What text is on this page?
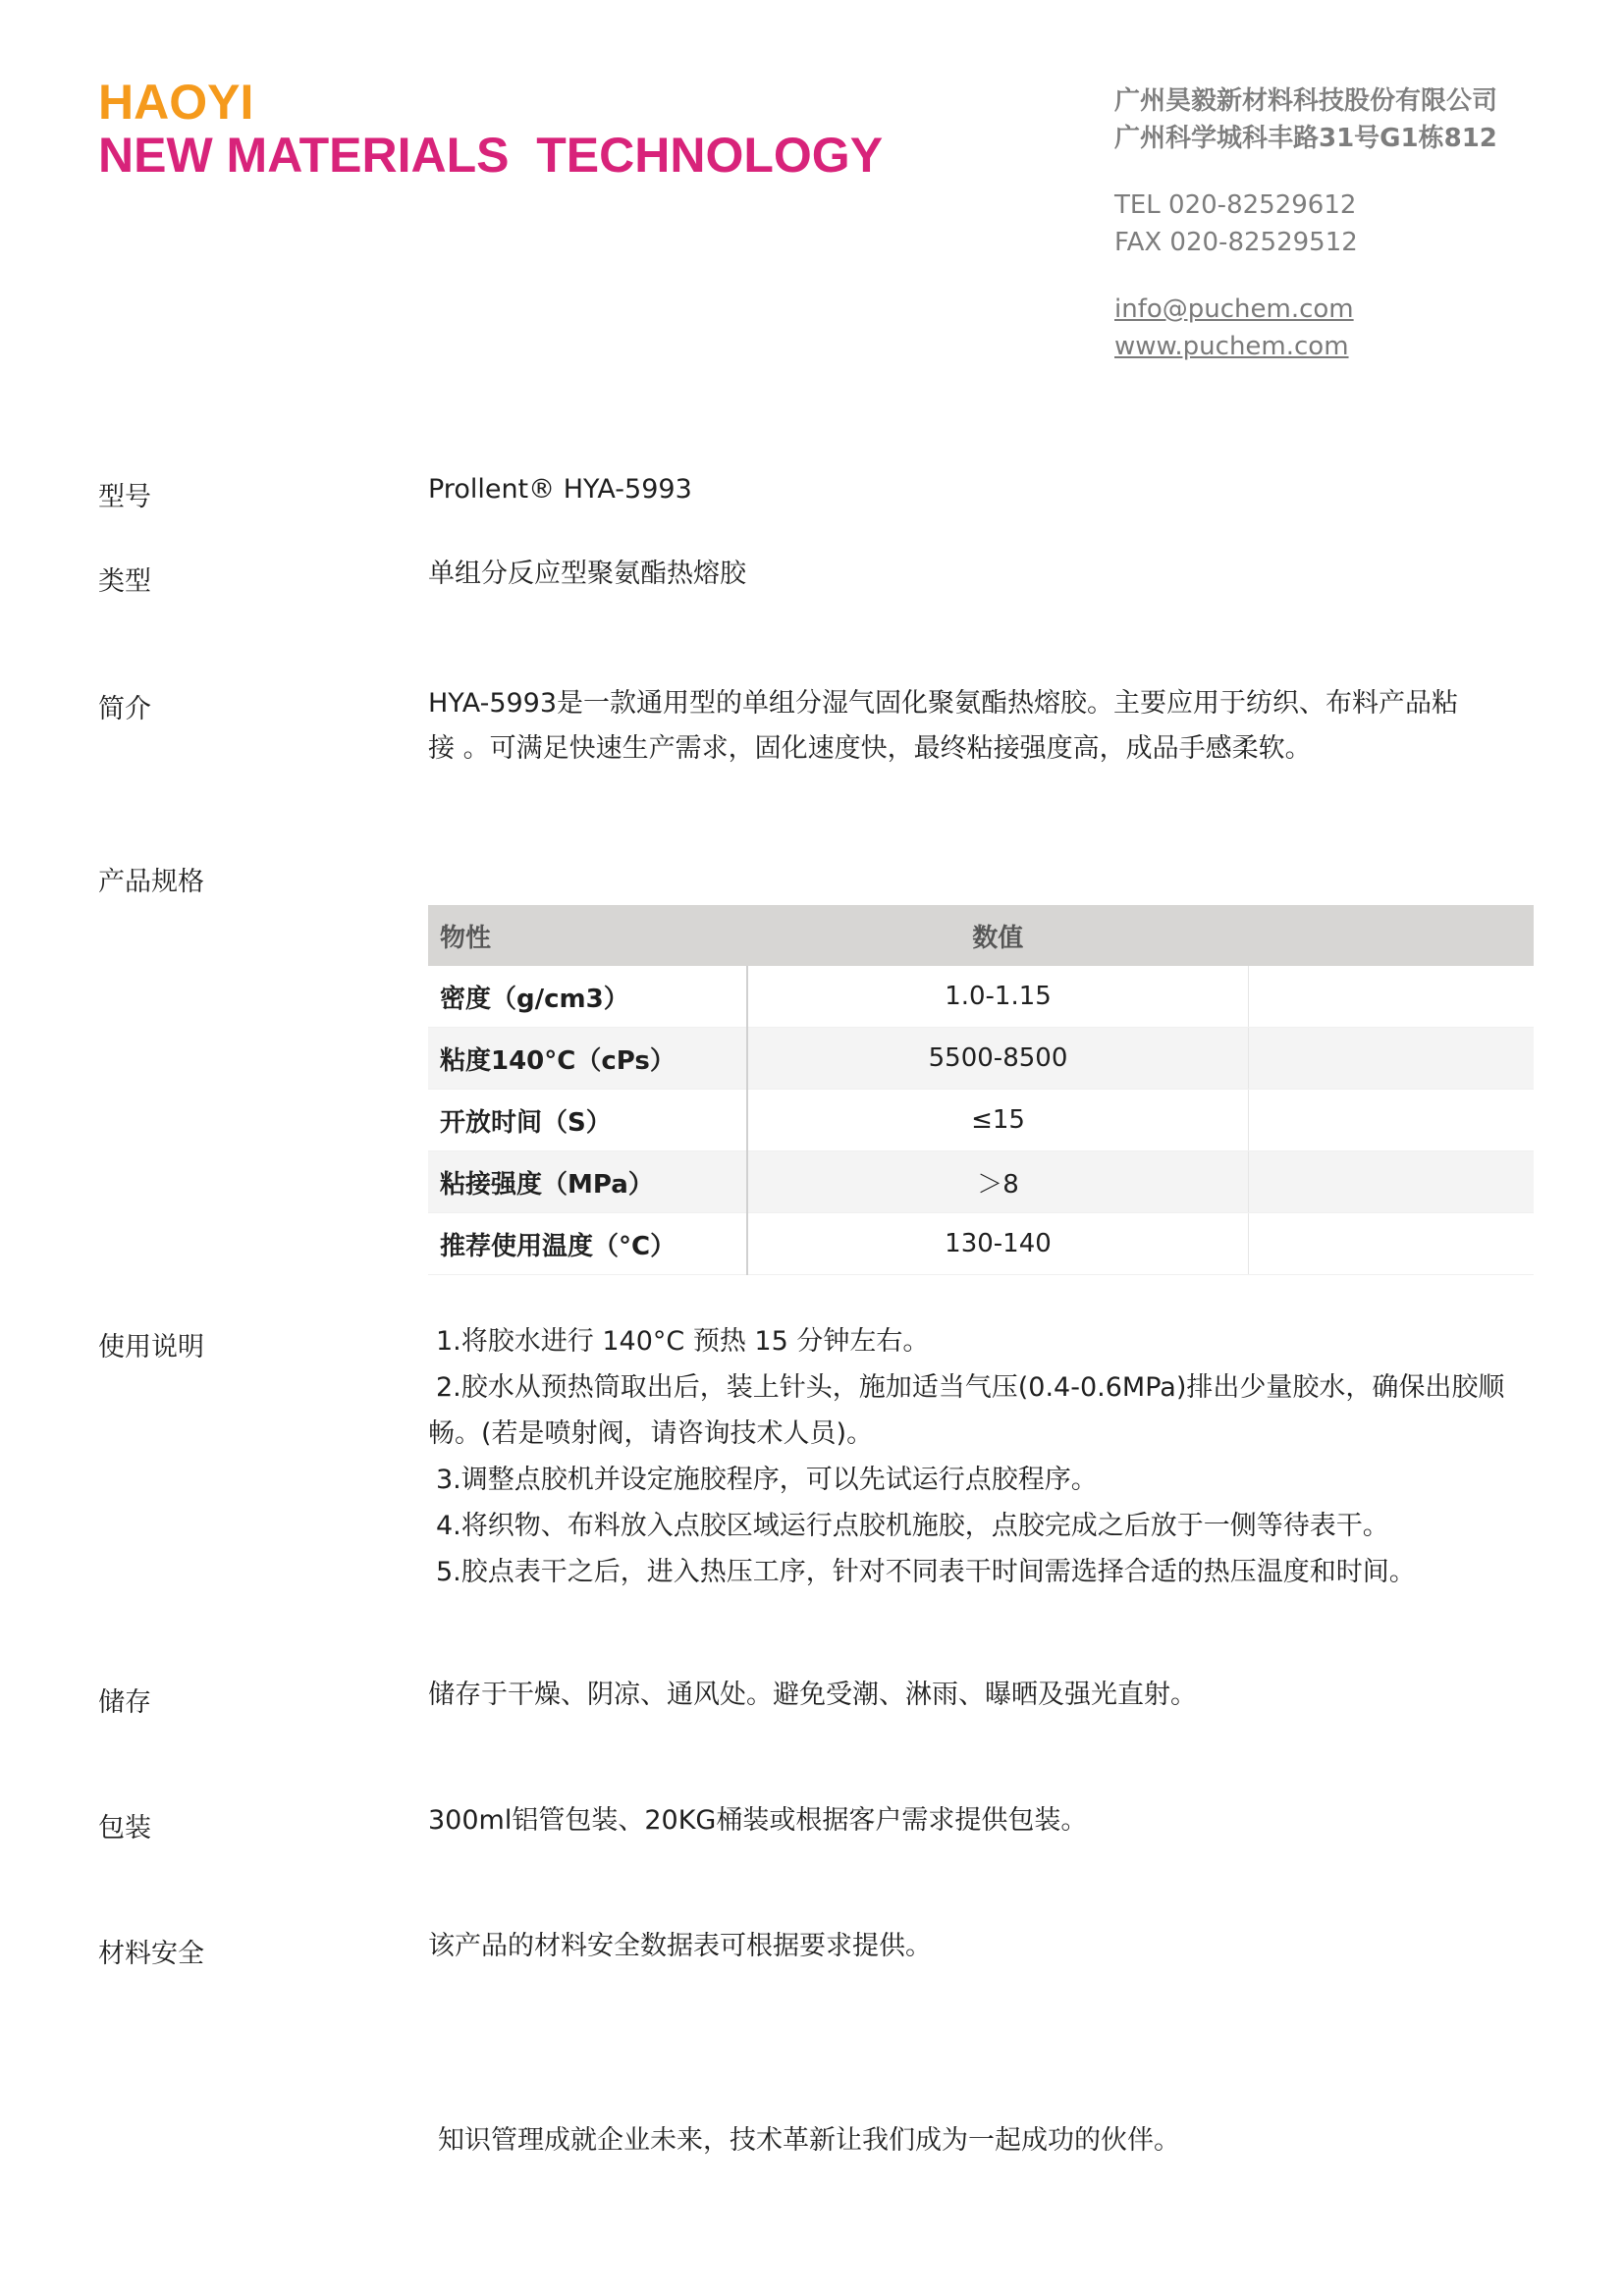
HAOYI
NEW MATERIALS  TECHNOLOGY
广州昊毅新材料科技股份有限公司
广州科学城科丰路31号G1栋812
TEL 020-82529612
FAX 020-82529512
info@puchem.com
www.puchem.com
型号	Prollent® HYA-5993
类型	单组分反应型聚氨酯热熔胶
简介	HYA-5993是一款通用型的单组分湿气固化聚氨酯热熔胶。主要应用于纺织、布料产品粘
接 。可满足快速生产需求，固化速度快，最终粘接强度高，成品手感柔软。
产品规格
物性	数值	
密度（g/cm3）	1.0-1.15	
粘度140°C（cPs）	5500-8500	
开放时间（S）	≤15	
粘接强度（MPa）	＞8	
推荐使用温度（°C）	130-140	
使用说明	1.将胶水进行 140°C 预热 15 分钟左右。
2.胶水从预热筒取出后，装上针头，施加适当气压(0.4-0.6MPa)排出少量胶水，确保出胶顺
畅。(若是喷射阀，请咨询技术人员)。
3.调整点胶机并设定施胶程序，可以先试运行点胶程序。
4.将织物、布料放入点胶区域运行点胶机施胶，点胶完成之后放于一侧等待表干。
5.胶点表干之后，进入热压工序，针对不同表干时间需选择合适的热压温度和时间。
储存	储存于干燥、阴凉、通风处。避免受潮、淋雨、曝晒及强光直射。
包装	300ml铝管包装、20KG桶装或根据客户需求提供包装。
材料安全	该产品的材料安全数据表可根据要求提供。
知识管理成就企业未来，技术革新让我们成为一起成功的伙伴。
